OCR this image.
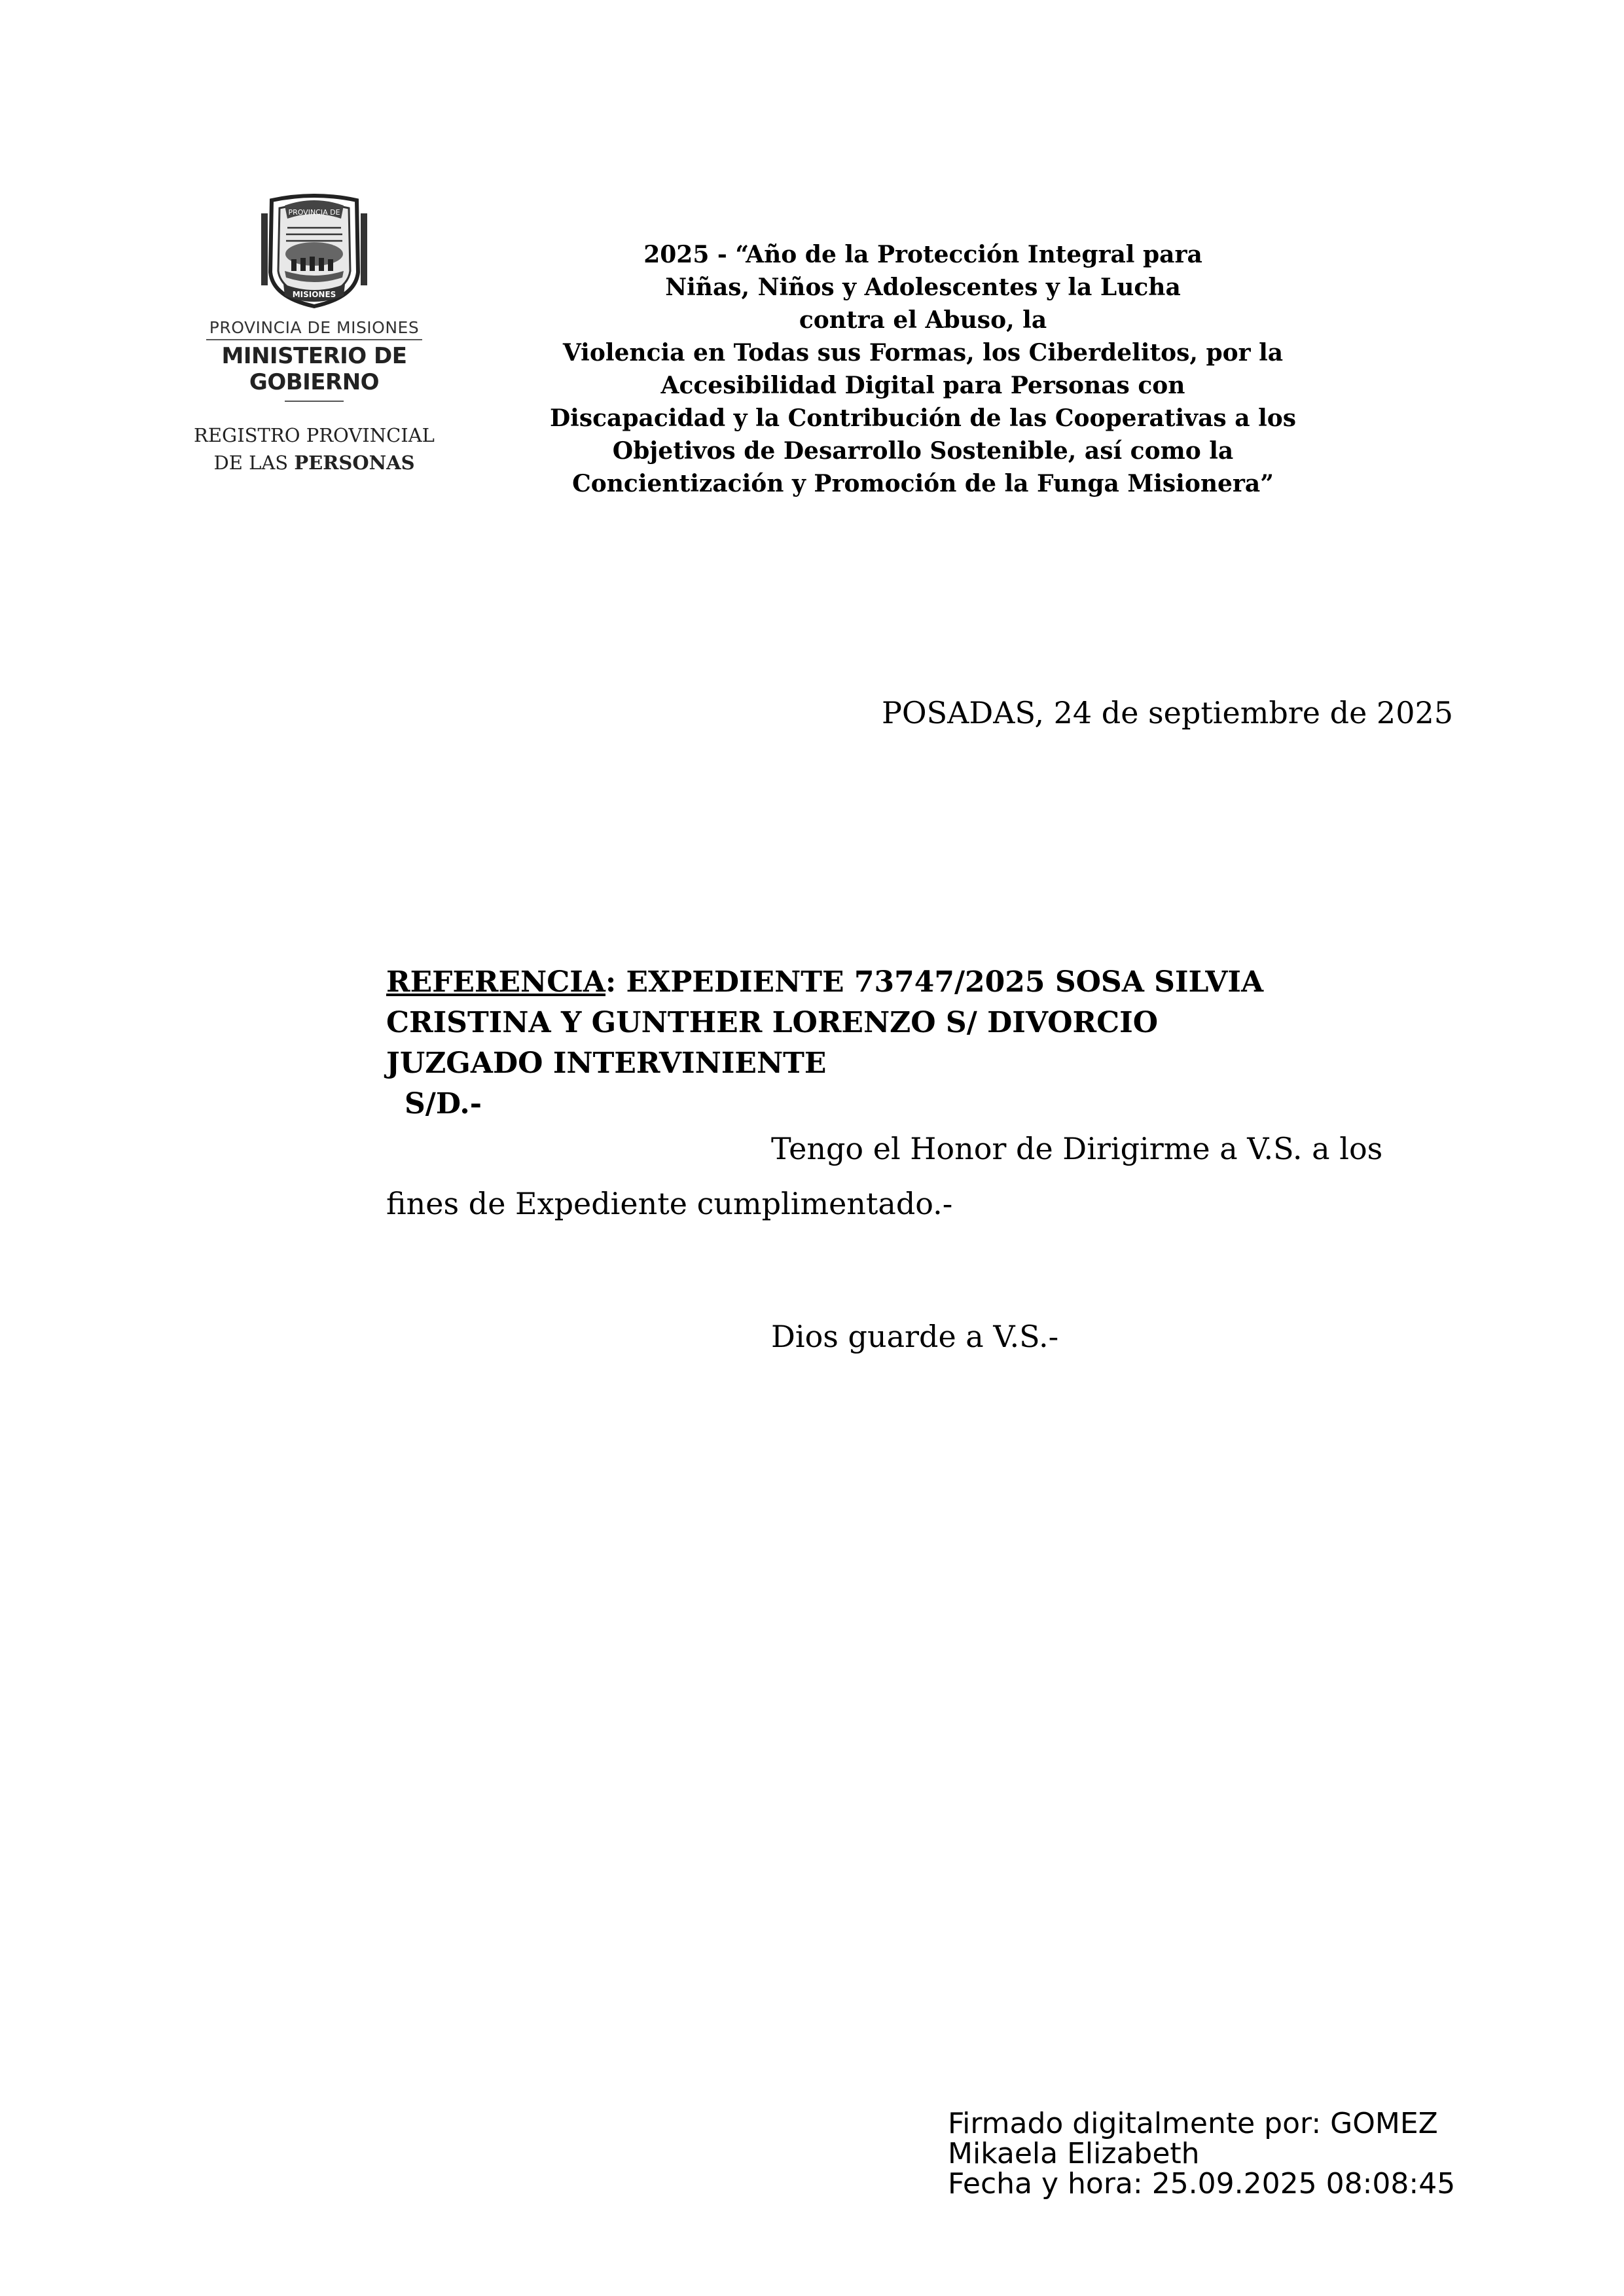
PROVINCIA DE
MISIONES
PROVINCIA DE MISIONES
MINISTERIO DE GOBIERNO
REGISTRO PROVINCIAL
DE LAS PERSONAS
2025 - “Año de la Protección Integral para
Niñas, Niños y Adolescentes y la Lucha
contra el Abuso, la
Violencia en Todas sus Formas, los Ciberdelitos, por la
Accesibilidad Digital para Personas con
Discapacidad y la Contribución de las Cooperativas a los
Objetivos de Desarrollo Sostenible, así como la
Concientización y Promoción de la Funga Misionera”
POSADAS, 24 de septiembre de 2025
REFERENCIA: EXPEDIENTE 73747/2025 SOSA SILVIA
CRISTINA Y GUNTHER LORENZO S/ DIVORCIO
JUZGADO INTERVINIENTE
S/D.-
Tengo el Honor de Dirigirme a V.S. a los
fines de Expediente cumplimentado.-
Dios guarde a V.S.-
Firmado digitalmente por: GOMEZ
Mikaela Elizabeth
Fecha y hora: 25.09.2025 08:08:45
